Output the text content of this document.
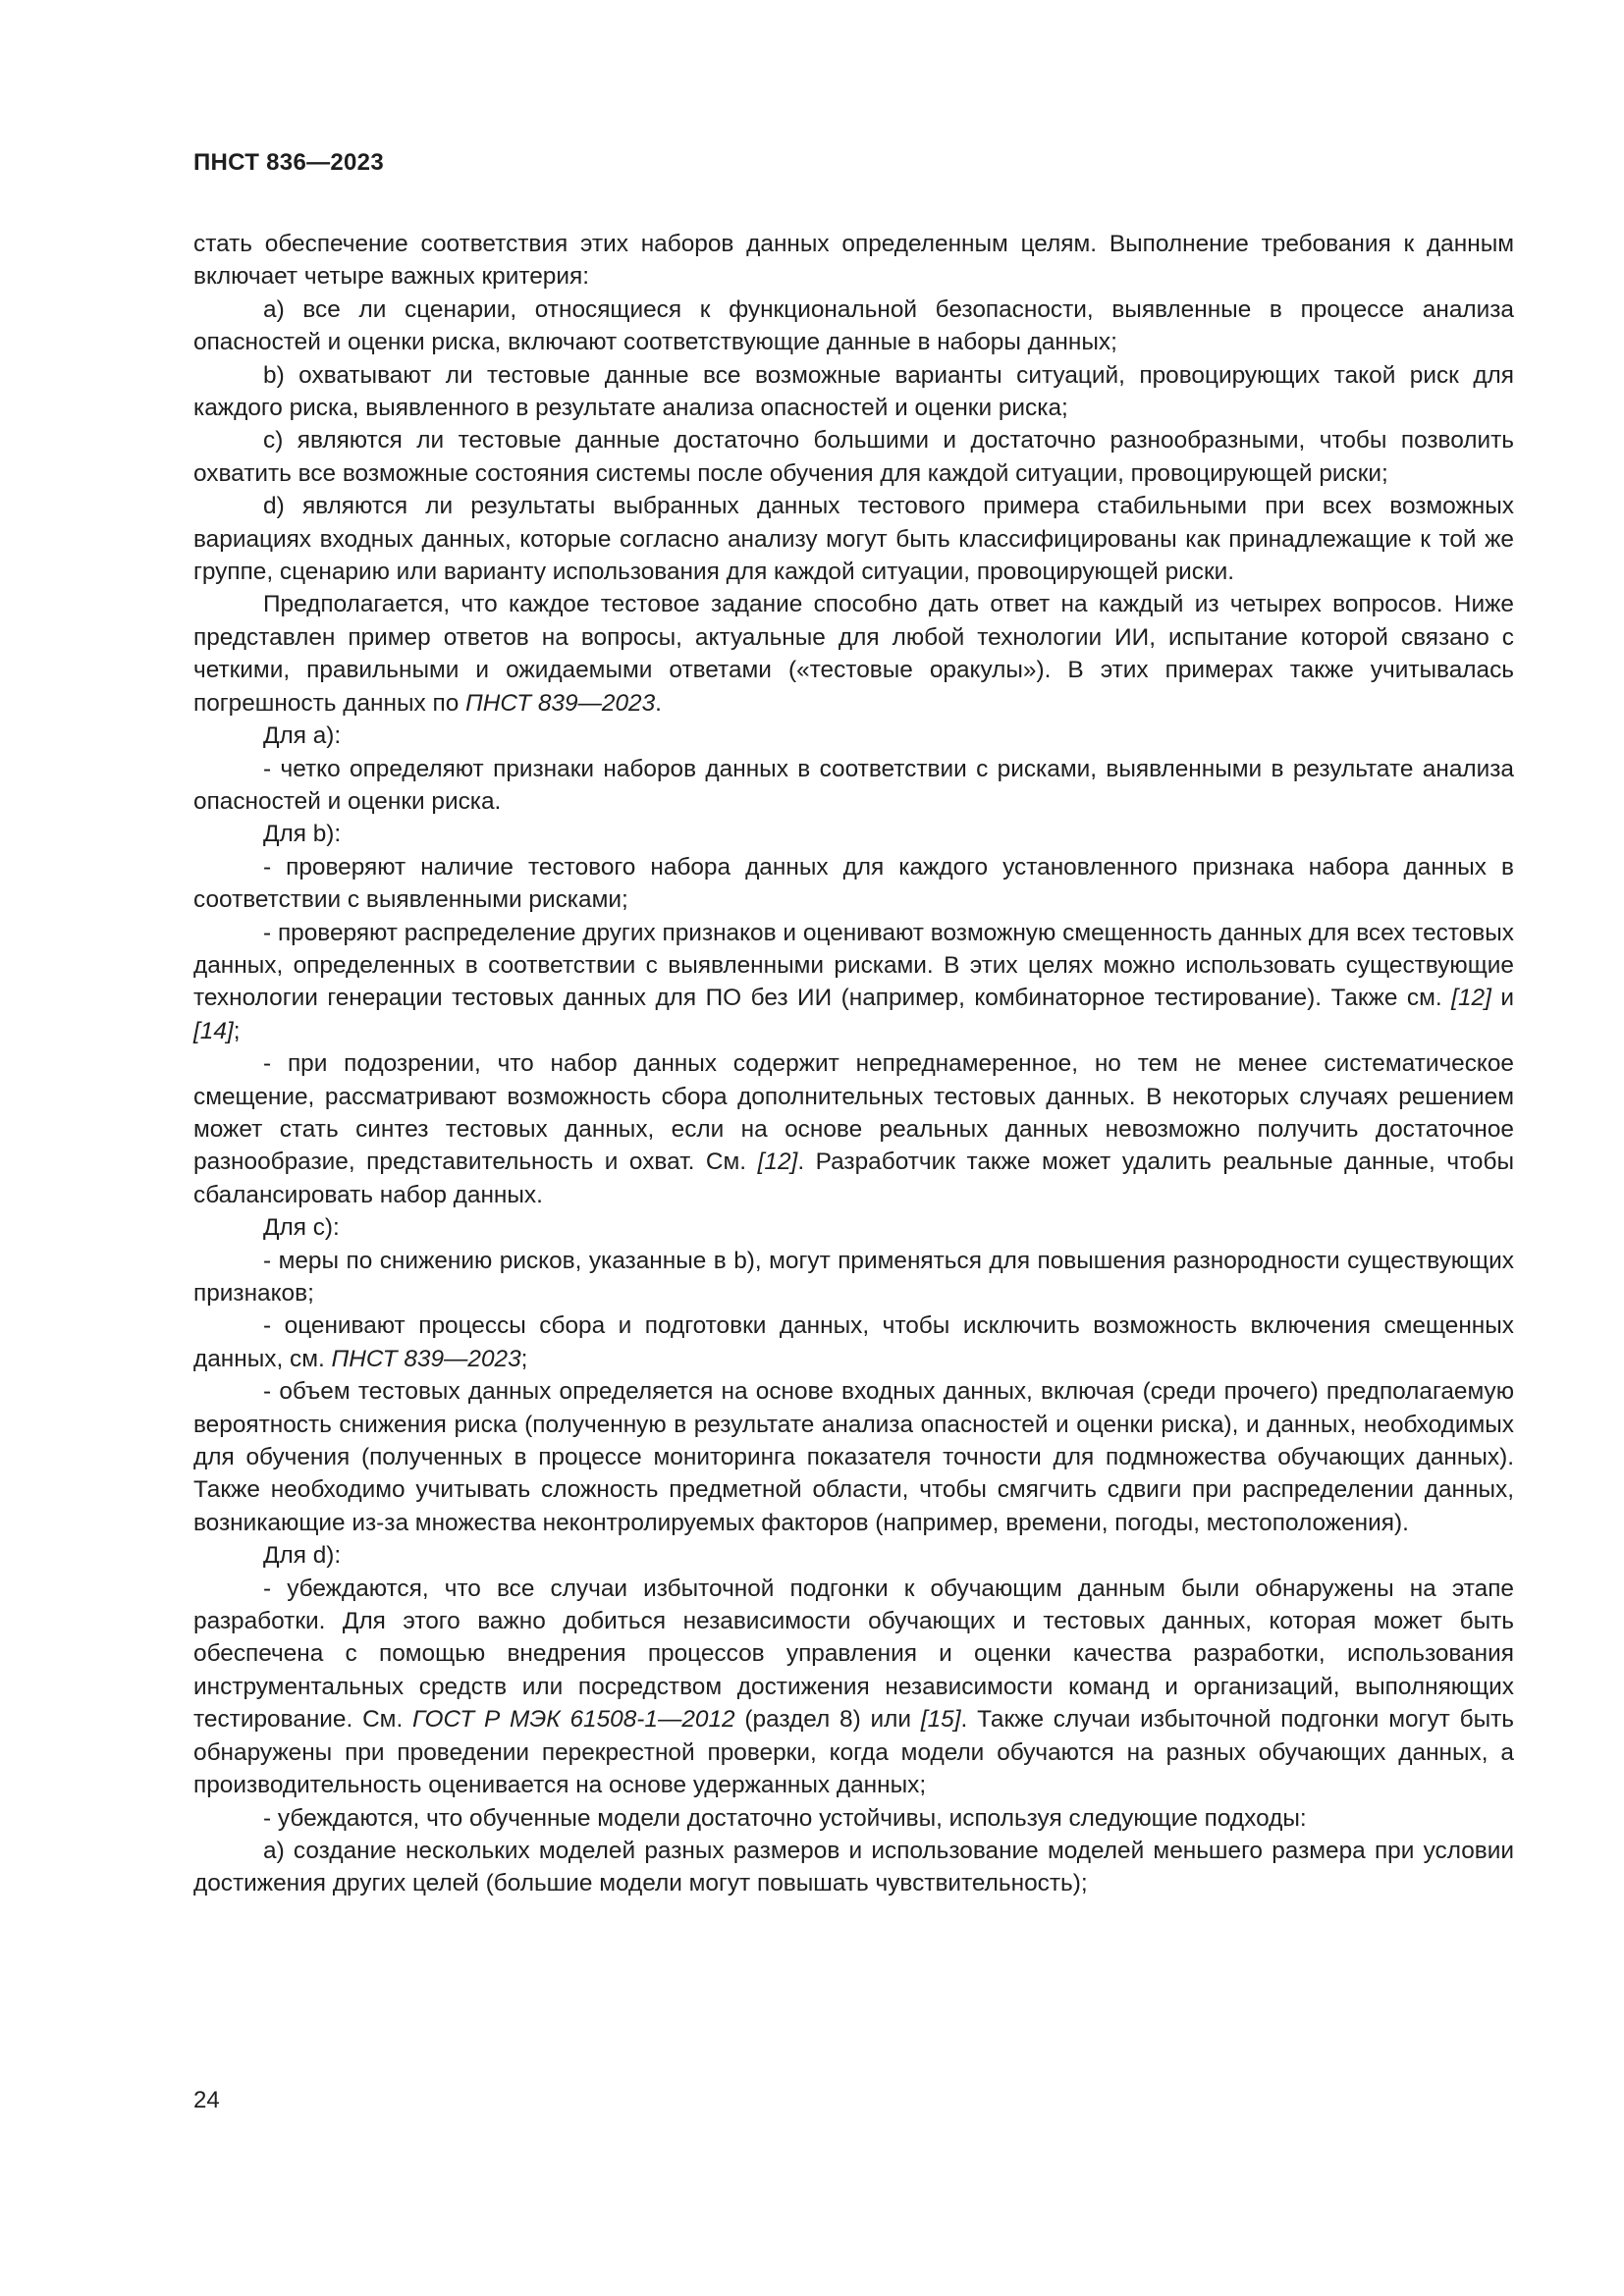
ПНСТ 836—2023

стать обеспечение соответствия этих наборов данных определенным целям. Выполнение требования к данным включает четыре важных критерия:

а) все ли сценарии, относящиеся к функциональной безопасности, выявленные в процессе анализа опасностей и оценки риска, включают соответствующие данные в наборы данных;

b) охватывают ли тестовые данные все возможные варианты ситуаций, провоцирующих такой риск для каждого риска, выявленного в результате анализа опасностей и оценки риска;

с) являются ли тестовые данные достаточно большими и достаточно разнообразными, чтобы позволить охватить все возможные состояния системы после обучения для каждой ситуации, провоцирующей риски;

d) являются ли результаты выбранных данных тестового примера стабильными при всех возможных вариациях входных данных, которые согласно анализу могут быть классифицированы как принадлежащие к той же группе, сценарию или варианту использования для каждой ситуации, провоцирующей риски.

Предполагается, что каждое тестовое задание способно дать ответ на каждый из четырех вопросов. Ниже представлен пример ответов на вопросы, актуальные для любой технологии ИИ, испытание которой связано с четкими, правильными и ожидаемыми ответами («тестовые оракулы»). В этих примерах также учитывалась погрешность данных по ПНСТ 839—2023.

Для а):

- четко определяют признаки наборов данных в соответствии с рисками, выявленными в результате анализа опасностей и оценки риска.

Для b):

- проверяют наличие тестового набора данных для каждого установленного признака набора данных в соответствии с выявленными рисками;

- проверяют распределение других признаков и оценивают возможную смещенность данных для всех тестовых данных, определенных в соответствии с выявленными рисками. В этих целях можно использовать существующие технологии генерации тестовых данных для ПО без ИИ (например, комбинаторное тестирование). Также см. [12] и [14];

- при подозрении, что набор данных содержит непреднамеренное, но тем не менее систематическое смещение, рассматривают возможность сбора дополнительных тестовых данных. В некоторых случаях решением может стать синтез тестовых данных, если на основе реальных данных невозможно получить достаточное разнообразие, представительность и охват. См. [12]. Разработчик также может удалить реальные данные, чтобы сбалансировать набор данных.

Для с):

- меры по снижению рисков, указанные в b), могут применяться для повышения разнородности существующих признаков;

- оценивают процессы сбора и подготовки данных, чтобы исключить возможность включения смещенных данных, см. ПНСТ 839—2023;

- объем тестовых данных определяется на основе входных данных, включая (среди прочего) предполагаемую вероятность снижения риска (полученную в результате анализа опасностей и оценки риска), и данных, необходимых для обучения (полученных в процессе мониторинга показателя точности для подмножества обучающих данных). Также необходимо учитывать сложность предметной области, чтобы смягчить сдвиги при распределении данных, возникающие из-за множества неконтролируемых факторов (например, времени, погоды, местоположения).

Для d):

- убеждаются, что все случаи избыточной подгонки к обучающим данным были обнаружены на этапе разработки. Для этого важно добиться независимости обучающих и тестовых данных, которая может быть обеспечена с помощью внедрения процессов управления и оценки качества разработки, использования инструментальных средств или посредством достижения независимости команд и организаций, выполняющих тестирование. См. ГОСТ Р МЭК 61508-1—2012 (раздел 8) или [15]. Также случаи избыточной подгонки могут быть обнаружены при проведении перекрестной проверки, когда модели обучаются на разных обучающих данных, а производительность оценивается на основе удержанных данных;

- убеждаются, что обученные модели достаточно устойчивы, используя следующие подходы:

а) создание нескольких моделей разных размеров и использование моделей меньшего размера при условии достижения других целей (большие модели могут повышать чувствительность);

24
